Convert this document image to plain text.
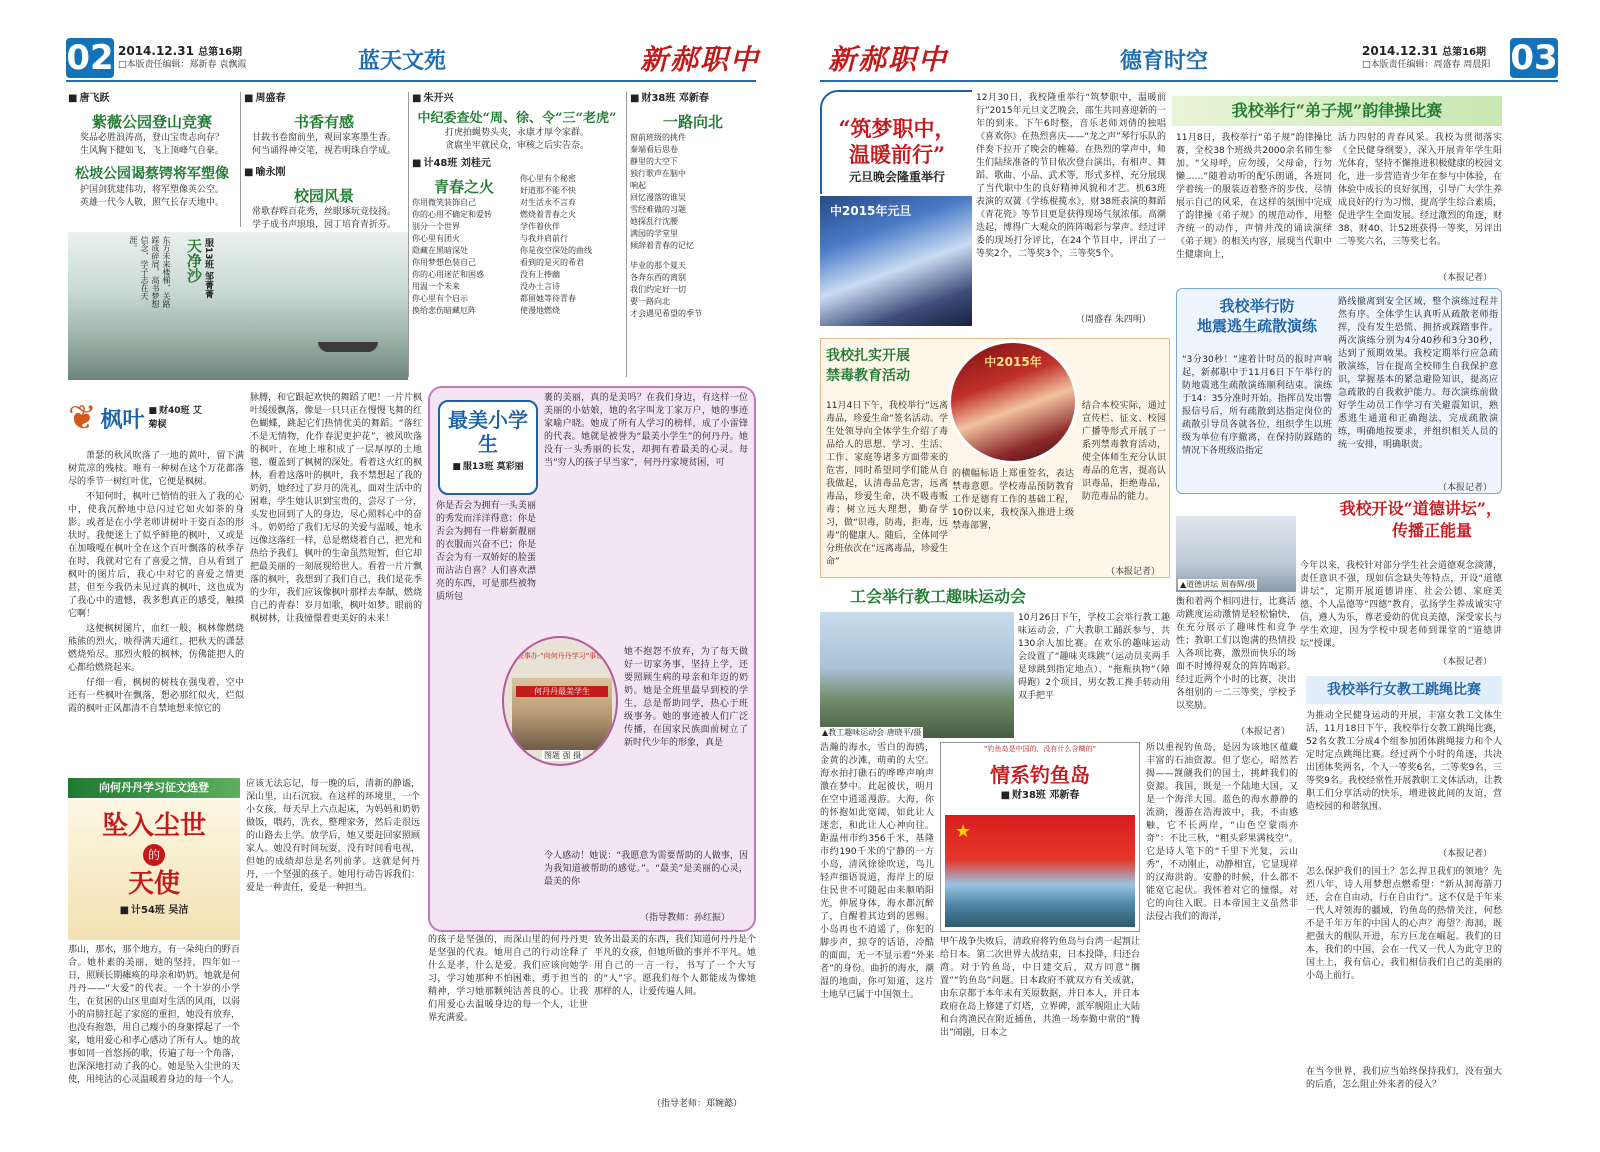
02 2014.12.31 总第16期
□本版责任编辑：郑新春 袁飘霞	蓝天文苑	新郝职中
■ 唐飞跃
紫薇公园登山竞赛
奖品必胜浪涛高，登山宝贵志向存？
生风胸下健如飞，飞上顶峰气自豪。
松坡公园谒蔡锷将军塑像
护国剑犹建伟功，将军塑像英公空。
英雄一代今人敬，照气长存天地中。
■ 周盛春
书香有感
甘载书卷窗前坐，观回家寒墨生香。
何当诵得神交笔，视若明珠自学成。
■ 喻永刚
校园风景
常歌春辉百花秀，丝眼琢玩竞技扬。
学子成书声琅琅，园丁培育青折芬。
■ 朱开兴
中纪委查处“周、徐、令”三“老虎”
打虎拍蝇势头夹，永康才厚令家群。
贪腐坐牢就民众，审核之后实告奈。
■ 计48班 刘桂元
青春之火
你用微笑装饰自己
你的心用不确定和爱转
别分一个世界
你心里有团火
隐藏在黑暗深处
你用梦想色装自己
你的心用迷茫和困惑
用温一个未来
你心里有个启示
换给悲伤暗藏厄阵
你心里有个秘密
好道那不能不快
对生活永不言弃
燃烧着青春之火
学作着伙伴
与我并肩前行
你是夜空深处的曲线
看到的是灭的希君
没有上捧幽
没办土言诗
都留她等待青春
使漫地燃烧
■ 财38班 邓新春
一路向北
窗前班级的挑件
秦端看后思卷
静里的大空下
独行歌声在脑中
响起
回忆漫落的谁吴
雪经难做的习题
她探乱行沈腰
满园的学堂里
倾辞着青春的记忆
毕业的那个夏天
各奔东西的离别
我们约定好一切
要一路向北
才会遇见希望的季节
东方未来楼梯，关路踩成碎屑，高书梦想信念，学子志在天涯。	天净沙 服13班 邹菁菁
❦ 枫叶
■	财40班 艾菊棂

萧瑟的秋风吹落了一地的黄叶，留下满树荒凉的残枝。唯有一种树在这个万花都落尽的季节一树红叶优，它便是枫树。

不知何时，枫叶已悄悄的驻入了我的心中，使我沉醉地中总闪过它如火如荼的身影。或者是在小学老师讲树叶干姿百态的形状时。我便迷上了似乎鲜艳的枫叶，又或是在加哦嘎在枫叶全在这个百叶飘落的秋季存在时，我就对它有了喜爱之情，自从看到了枫叶的图片后，我心中对它的喜爱之情更甚，但至今我仍未见过真的枫叶，这也成为了我心中的遗憾，我多想真正的感受，触摸它啊！

这便枫树图片，血红一般，枫林像燃烧熊熊的烈火，映得满天通红，把秋天的潇瑟燃烧殆尽。那烈火般的枫林，仿佛能把人的心都给燃烧起来。

仔细一看，枫树的树枝在强曳着，空中还有一些枫叶在飘落，想必那红似火，烂似霞的枫叶正风都清不自禁地想来惊它的

脉膊，和它跟起欢快的舞蹈了吧！一片片枫叶缓缓飘落，像是一只只正在慢慢飞舞的红色蝴蝶，跳起它们热情优美的舞蹈。“落红不是无情物，化作春泥更护花”，被风吹落的枫叶，在地上堆积成了一层厚厚的土地毯，覆盖到了枫树的深处。看着这火红的枫林，看着这落叶的枫叶，我不禁想起了我的奶奶，她经过了岁月的洗礼，面对生活中的困难，学生她认识到宝贵的，尝尽了一分，头发也回到了人的身边，尽心照料心中的奋斗。奶奶给了我们无尽的关爱与温暖，她永远像这落红一样，总是燃烧着自己，把光和热给予我们。枫叶的生命虽然短暂，但它却把最美丽的一刻展现给世人。看着一片片飘落的枫叶，我想到了我们自己，我们是花季的少年，我们应该像枫叶那样去奉献，燃烧自己的青春！岁月如歌，枫叶如梦。眼前的枫树林，让我憧憬着更美好的未来！
最美小学生
■ 服13班 莫彩丽
你是否会为拥有一头美丽的秀发而洋洋得意；你是否会为拥有一件崭新靓丽的衣服而兴奋不已；你是否会为有一双娇好的脸蛋而沾沾自喜？人们喜欢漂亮的东西，可是那些被物质所包
裹的美丽，真的是美吗？在我们身边，有这样一位美丽的小姑娘，她的名字叫龙丁家万户，她的事迹家喻户晓。她成了所有人学习的榜样，成了小雷锋的代表。她就是被誉为“最美小学生”的何丹丹。她没有一头秀丽的长发，却拥有着最美的心灵。每当“穷人的孩子早当家”，何丹丹家境贫困，可
武校事办·“向何丹丹学习”事迹展
何丹丹最美学生
图题 强 摄
她不抱怨不放弃，为了每天做好一切家务事，坚持上学，还要照顾生病的母亲和年迈的奶奶。她是全班里最早到校的学生，总是帮助同学，热心于班级事务。她的事迹被人们广泛传播，在国家民族面前树立了新时代少年的形象，真是
令人感动！她说：“我愿意为需要帮助的人做事，因为我知道被帮助的感觉。”。“最美”是美丽的心灵，最美的你
（指导教师：孙红振）
向何丹丹学习征文选登
坠入尘世
的
天使
■ 计54班 吴洁
那山，那水，那个地方，有一朵纯白的野百合。她朴素的美丽，她的坚持，四年如一日，照顾长期瘫痪的母亲和奶奶。她就是何丹丹——“大爱”的代表。一个十岁的小学生，在贫困的山区里面对生活的风雨，以弱小的肩膀扛起了家庭的重担，她没有放弃，也没有抱怨，用自己瘦小的身躯撑起了一个家，她用爱心和孝心感动了所有人。她的故事如同一首悠扬的歌，传遍了每一个角落，也深深地打动了我的心。她是坠入尘世的天使，用纯洁的心灵温暖着身边的每一个人。
应该无法忘记，每一晚的后，清新的静谧，深山里，山石沉寂。在这样的环境里，一个小女孩，每天早上六点起床，为妈妈和奶奶做饭，喂药，洗衣，整理家务，然后走很远的山路去上学。放学后，她又要赶回家照顾家人。她没有时间玩耍，没有时间看电视，但她的成绩却总是名列前茅。这就是何丹丹，一个坚强的孩子。她用行动告诉我们：爱是一种责任，爱是一种担当。
的孩子是坚强的，而深山里的何丹丹更是坚强的代表。她用自己的行动诠释了什么是孝，什么是爱。我们应该向她学习，学习她那种不怕困难、勇于担当的精神，学习她那颗纯洁善良的心。让我们用爱心去温暖身边的每一个人，让世界充满爱。
致务出最美的东西，我们知道何丹丹是个平凡的女孩，但她所做的事并不平凡。她用自己的一言一行，书写了一个大写的“人”字。愿我们每个人都能成为像她那样的人，让爱传遍人间。
（指导老师：郑婉懿）
新郝职中	德育时空	2014.12.31 总第16期
□本版责任编辑：周盛春 周晨阳 03
“筑梦职中，
温暖前行”
元旦晚会隆重举行
中2015年元旦
12月30日，我校隆重举行“筑梦职中，温暖前行”2015年元旦文艺晚会，邵生共同喜迎新的一年的到来。下午6时整，音乐老师刘倩的独唱《喜欢你》在热烈喜庆——“龙之声”琴行乐队的伴奏下拉开了晚会的帷幕。在热烈的掌声中，师生们陆续准备的节目依次登台演出，有相声、舞蹈、歌曲、小品、武术等，形式多样，充分展现了当代职中生的良好精神风貌和才艺。机63班表演的双簧《学练棍揽水》，财38班表演的舞蹈《青花瓷》等节目更是获得现场气氛浓郁。高潮迭起，博得广大观众的阵阵喝彩与掌声。经过评委的现场打分评比，在24个节目中，评出了一等奖2个，二等奖3个，三等奖5个。
我校举行“弟子规”韵律操比赛
11月8日，我校举行“弟子规”韵律操比赛，全校38个班级共2000余名师生参加。“父母呼，应勿缓，父母命，行勿懒……”随着动听的配乐朗诵，各班同学着统一的服装迈着整齐的步伐，尽情展示自己的风采，在这样的氛围中完成了韵律操《弟子规》的规范动作，用整齐统一的动作，声情并茂的诵读演绎《弟子规》的相关内容，展现当代职中生健康向上，
活力四射的青春风采。我校为贯彻落实《全民健身纲要》，深入开展青年学生阳光体育，坚持不懈推进积极健康的校园文化，进一步营造青少年在参与中体验，在体验中成长的良好氛围，引导广大学生养成良好的行为习惯，提高学生综合素质，促进学生全面发展。经过激烈的角逐，财38、财40、计52班获得一等奖，另评出二等奖六名，三等奖七名。
我校举行防
地震逃生疏散演练
“3分30秒！”速着计时员的报时声响起，新郝职中于11月6日下午举行的防地震逃生疏散演练顺利结束。演练于14：35分准时开始。指挥员发出警报信号后，所有疏散到达指定岗位的疏散引导员各就各位，组织学生以班级为单位有序撤离，在保持防踩踏的情况下各班级沿指定
路线撤离到安全区域，整个演练过程井然有序。全体学生认真听从疏散老师指挥，没有发生恐慌、拥挤或踩踏事件。两次演练分别为4分40秒和3分30秒，达到了预期效果。我校定期举行应急疏散演练，旨在提高全校师生自我保护意识，掌握基本的紧急避险知识，提高应急疏散的自我救护能力。每次演练前做好学生动员工作学习有关避震知识，熟悉逃生通道和正确跑法，完成疏散演练，明确地按要求，并组织相关人员的统一安排，明确职责。
我校扎实开展
禁毒教育活动
中2015年
11月4日下午，我校举行“远离毒品，珍爱生命”签名活动。学生处领导向全体学生介绍了毒品给人的思想、学习、生活、工作、家庭等诸多方面带来的危害，同时希望同学们能从自我做起，认清毒品危害，远离毒品，珍爱生命，决不吸毒贩毒；树立远大理想，勤奋学习，做“识毒，防毒，拒毒，远毒”的健康人。随后，全体同学分班依次在“远离毒品，珍爱生命”
的横幅标语上郑重签名，表达禁毒意愿。学校毒品预防教育工作是德育工作的基础工程，10份以来，我校深入推进上级禁毒部署，
结合本校实际，通过宣传栏、征文、校园广播等形式开展了一系列禁毒教育活动，使全体师生充分认识毒品的危害，提高认识毒品，拒绝毒品，防范毒品的能力。
我校开设“道德讲坛”，
传播正能量
▲道德讲坛 周春辉/摄
今年以来，我校针对部分学生社会道德观念淡薄，责任意识不强，现如信念缺失等特点，开设“道德讲坛”，定期开展道德讲座、社会公德、家庭美德、个人品德等“四德”教育，弘扬学生养成诚实守信，遵人为乐，尊老爱幼的优良美德，深受家长与学生欢迎，因为学校中现老师到课堂的“道德讲坛”授课。
工会举行教工趣味运动会
▲教工趣味运动会 唐晓平/摄
10月26日下午，学校工会举行教工趣味运动会，广大教职工踊跃参与，共130余人加比赛。在欢乐的趣味运动会设置了“趣味夹珠跳”（运动员夹两手是球跳到指定地点）、“拖瓶执物”（障碍跑）2个项目，男女教工搀手转动用双手把平
衡和着两个相同进行，比赛活动跳度运动激情是轻松愉快，在充分展示了趣味性和竞争性；教职工们以饱满的热情投入各项比赛，激烈而快乐的场面不时博得观众的阵阵喝彩。经过近两个小时的比赛，决出各组别的一二三等奖，学校予以奖励。
我校举行女教工跳绳比赛
为推动全民健身运动的开展，丰富女教工文体生活，11月18日下午，我校举行女教工跳绳比赛，52名女教工分成4个组参加团体跳绳接力和个人定时定点跳绳比赛。经过两个小时的角逐，共决出团体奖两名，个人一等奖6名，二等奖9名，三等奖9名。我校经常性开展教职工文体活动，让教职工们分享活动的快乐，增进彼此间的友谊，营造校园的和谐氛围。
浩瀚的海水，雪白的海鸥，金黄的沙滩，萌萌的大空。海水拍打礁石的哗哗声响声激在梦中。此起彼伏，明月在空中逍遥漫游。大海，你的怀抱如此宽阔，如此让人迷恋，和此让人心神向往。距温州市约356千米，基隆市约190千米的宁静的一方小岛，清风徐徐吹送，鸟儿轻声细语说道，海岸上的原住民世不可随起由来顺哨阳光，伸展身体，海水都沉醉了，自醒着其边到的恩赐。小岛再也不逍遥了，你犯的脚步声，掠夺的话语，冷酷的面面，无一不显示着“外来者”的身份。曲折的海水，潮湿的地面，你可知道，这片土地早已属于中国领土。
“钓鱼岛是中国的，没有什么含糊的”
情系钓鱼岛
■ 财38班 邓新春
★
甲午战争失败后，清政府将钓鱼岛与台湾一起割让给日本。第二次世界大战结束，日本投降，归还台湾。对于钓鱼岛，中日建交后，双方同意“搁置”“钓鱼岛”问题。日本政府不就双方有关成就，由东京都于本年末有关原数据，并日本人，并日本政府在岛上修建了灯塔，立界碑，派军舰阻止大陆和台湾渔民在附近捕鱼，共渔一场奉勤中常的“腾出”闹剧，日本之
所以重视钓鱼岛，是因为该地区蕴藏丰富的石油资源。但了您心，昭然若揭——觊觎我们的国土，挑衅我们的资源。我国，既是一个陆地大国，又是一个海洋大国。蓝色的海水静静的流淌，漫游在浩海波中，我，不由感触，它不长两岸，“山色空蒙雨亦奇”：不比三秋，“粗头彩果满枝空”。它是诗人笔下的“千里下光复，云山秀”，不动刚止，动静相宜，它显现祥的汉海洪韵。安静的时候，什么都不能宽它起伏。我怀着对它的憧憬，对它的向往入眠。日本帝国主义虽然非法侵占我们的海洋，
怎么保护我们的国土？怎么捍卫我们的领地？先烈八年，诗人用梦想点燃希望：“新从洞海箭刀还，会在自由动，行在自由行”。这不仅是千年来一代人对领海的疆域，钓鱼岛的热情关注，何愁不是千年万年的中国人的心声？海望？海洞，既把强大的舰队开进，东方巨龙在崛起。我们的日本，我们的中国，会在一代又一代人为此守卫的国土上，我有信心，我们相信我们自己的美丽的小岛上前行。
在当今世界，我们应当始终保持我们，没有强大的后盾，怎么阻止外来者的侵入？
（周盛春 朱四明）
（本报记者）
（本报记者）
（本报记者）
（本报记者）
（本报记者）
（本报记者）
